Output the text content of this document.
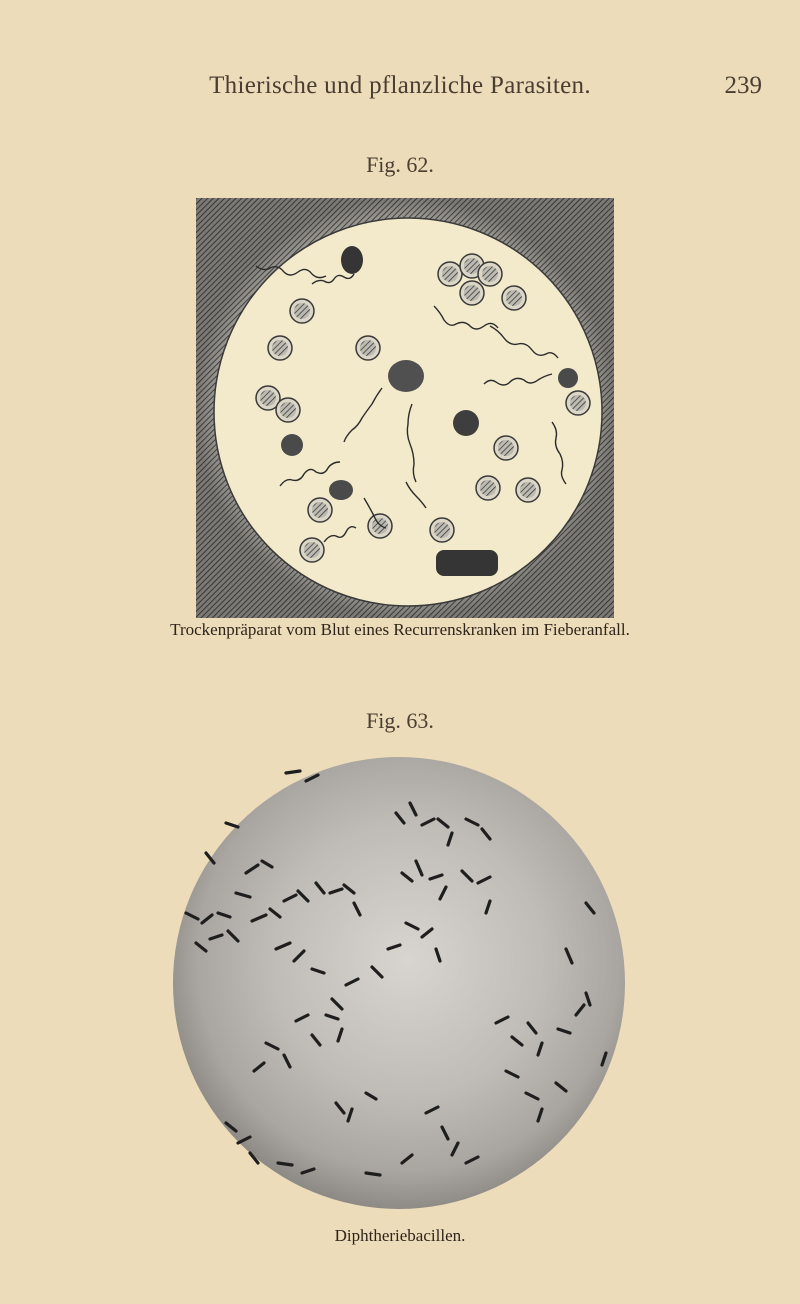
Thierische und pflanzliche Parasiten.	239
Fig. 62.
Trockenpräparat vom Blut eines Recurrenskranken im Fieberanfall.
Fig. 63.
Diphtheriebacillen.
